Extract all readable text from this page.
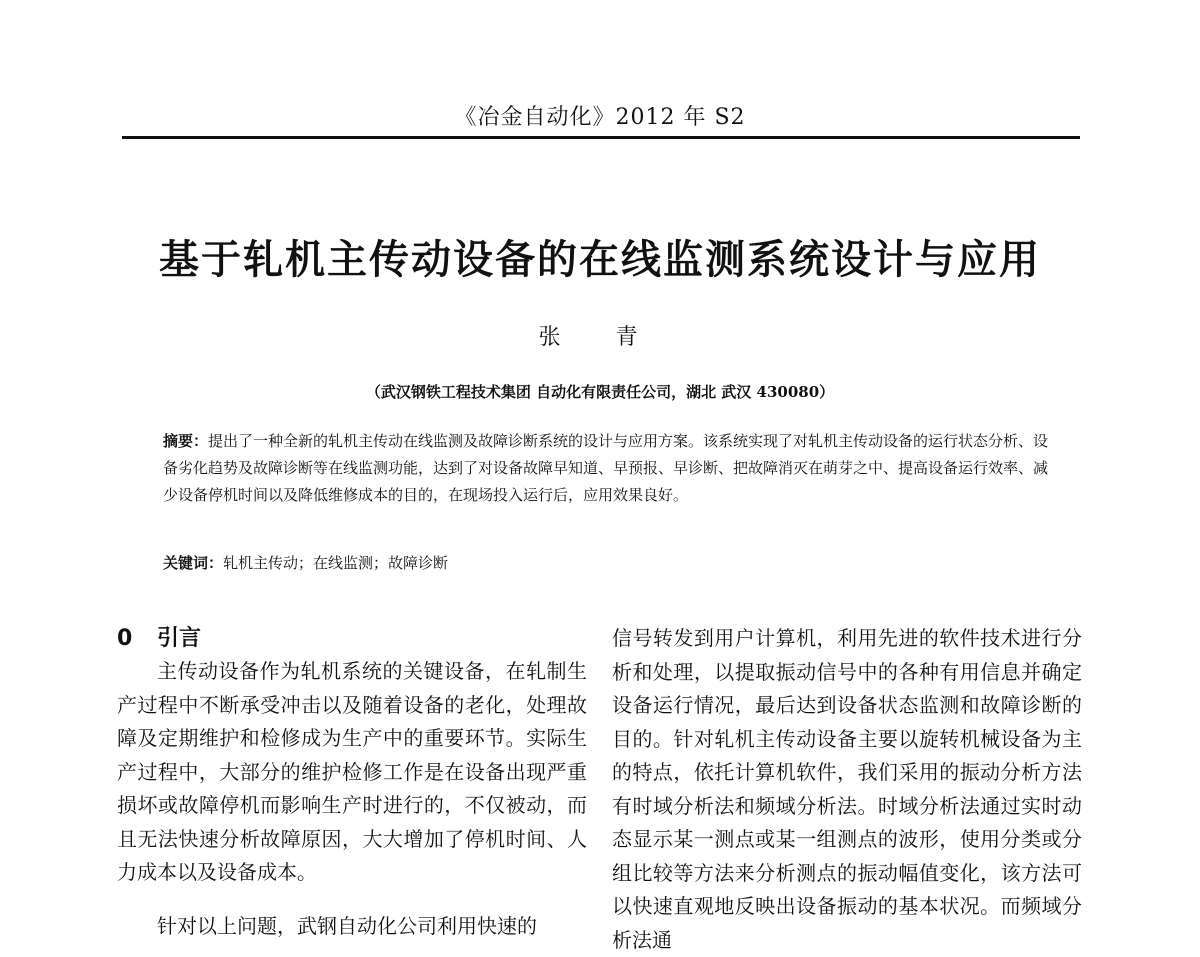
《冶金自动化》2012 年 S2
基于轧机主传动设备的在线监测系统设计与应用
张 青
（武汉钢铁工程技术集团 自动化有限责任公司，湖北 武汉 430080）
摘要：提出了一种全新的轧机主传动在线监测及故障诊断系统的设计与应用方案。该系统实现了对轧机主传动设备的运行状态分析、设备劣化趋势及故障诊断等在线监测功能，达到了对设备故障早知道、早预报、早诊断、把故障消灭在萌芽之中、提高设备运行效率、减少设备停机时间以及降低维修成本的目的，在现场投入运行后，应用效果良好。
关键词：轧机主传动；在线监测；故障诊断
0 引言
主传动设备作为轧机系统的关键设备，在轧制生产过程中不断承受冲击以及随着设备的老化，处理故障及定期维护和检修成为生产中的重要环节。实际生产过程中，大部分的维护检修工作是在设备出现严重损坏或故障停机而影响生产时进行的，不仅被动，而且无法快速分析故障原因，大大增加了停机时间、人力成本以及设备成本。
针对以上问题，武钢自动化公司利用快速的
信号转发到用户计算机，利用先进的软件技术进行分析和处理，以提取振动信号中的各种有用信息并确定设备运行情况，最后达到设备状态监测和故障诊断的目的。针对轧机主传动设备主要以旋转机械设备为主的特点，依托计算机软件，我们采用的振动分析方法有时域分析法和频域分析法。时域分析法通过实时动态显示某一测点或某一组测点的波形，使用分类或分组比较等方法来分析测点的振动幅值变化，该方法可以快速直观地反映出设备振动的基本状况。而频域分析法通
